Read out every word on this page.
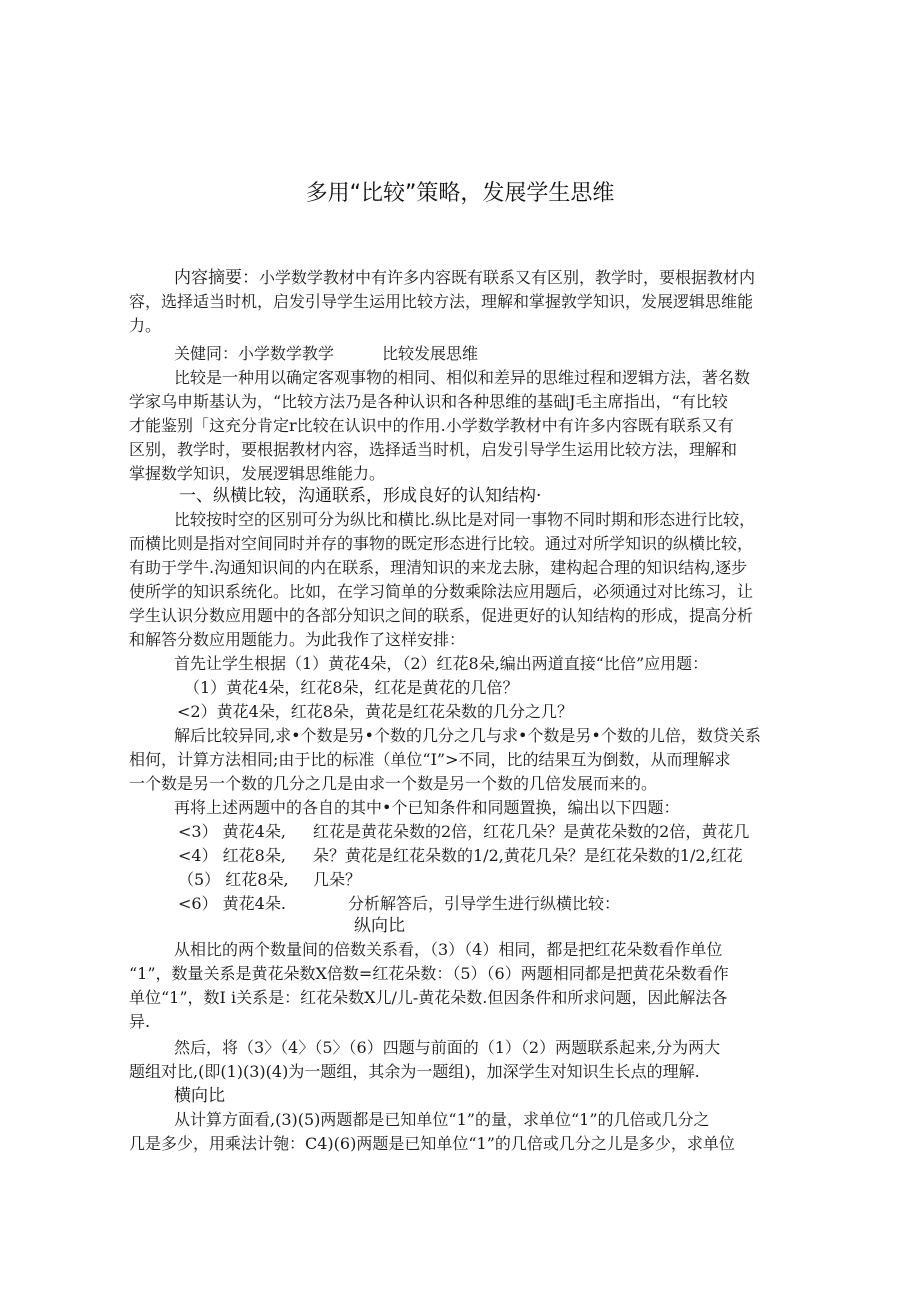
多用“比较”策略，发展学生思维
内容摘要：小学数学教材中有许多内容既有联系又有区别，教学时，要根据教材内
容，选择适当时机，启发引导学生运用比较方法，理解和掌握敦学知识，发展逻辑思维能
力。
关健同：小学数学教学　　　比较发展思维
比较是一种用以确定客观事物的相同、相似和差异的思维过程和逻辑方法，著名数
学家乌申斯基认为，“比较方法乃是各种认识和各种思维的基础J毛主席指出，“有比较
才能鉴别「这充分肯定r比较在认识中的作用.小学数学教材中有许多内容既有联系又有
区别，教学时，要根据教材内容，选择适当时机，启发引导学生运用比较方法，理解和
掌握数学知识，发展逻辑思维能力。
一、纵横比较，沟通联系，形成良好的认知结构·
比较按时空的区别可分为纵比和横比.纵比是对同一事物不同时期和形态进行比较，
而横比则是指对空间同时并存的事物的既定形态进行比较。通过对所学知识的纵横比较，
有助于学牛.沟通知识间的内在联系，理清知识的来龙去脉，建构起合理的知识结构,逐步
使所学的知识系统化。比如，在学习简单的分数乘除法应用题后，必须通过对比练习，让
学生认识分数应用题中的各部分知识之间的联系，促进更好的认知结构的形成，提高分析
和解答分数应用题能力。为此我作了这样安排：
首先让学生根据（1）黄花4朵，（2）红花8朵,编出两道直接“比倍”应用题：
（1）黄花4朵，红花8朵，红花是黄花的几倍？
<2）黄花4朵，红花8朵，黄花是红花朵数的几分之几？
解后比较异同,求•个数是另•个数的几分之几与求•个数是另•个数的儿倍，数贷关系
相何，计算方法相同;由于比的标准（单位“I”>不同，比的结果互为倒数，从而理解求
一个数是另一个数的几分之几是由求一个数是另一个数的几倍发展而来的。
再将上述两题中的各自的其中•个已知条件和同题置换，编出以下四题：
<3） 黄花4朵,
<4） 红花8朵,
（5） 红花8朵,
<6） 黄花4朵.
红花是黄花朵数的2倍，红花几朵？是黄花朵数的2倍，黄花几
朵？黄花是红花朵数的1/2,黄花几朵？是红花朵数的1/2,红花
几朵？
分析解答后，引导学生进行纵横比较：
纵向比
从相比的两个数量间的倍数关系看，（3）（4）相同，都是把红花朵数看作单位
“1”，数量关系是黄花朵数X倍数=红花朵数：（5）（6）两题相同都是把黄花朵数看作
单位“1”，数I i关系是：红花朵数X儿/儿-黄花朵数.但因条件和所求问题，因此解法各
异.
然后，将（3〉（4〉（5〉（6）四题与前面的（1）（2）两题联系起来,分为两大
题组对比,(即(1)(3)(4)为一题组，其余为一题组)，加深学生对知识生长点的理解.
横向比
从计算方面看,(3)(5)两题都是已知单位“1”的量，求单位“1”的几倍或几分之
几是多少，用乘法计匏：C4)(6)两题是已知单位“1”的几倍或几分之儿是多少，求单位
